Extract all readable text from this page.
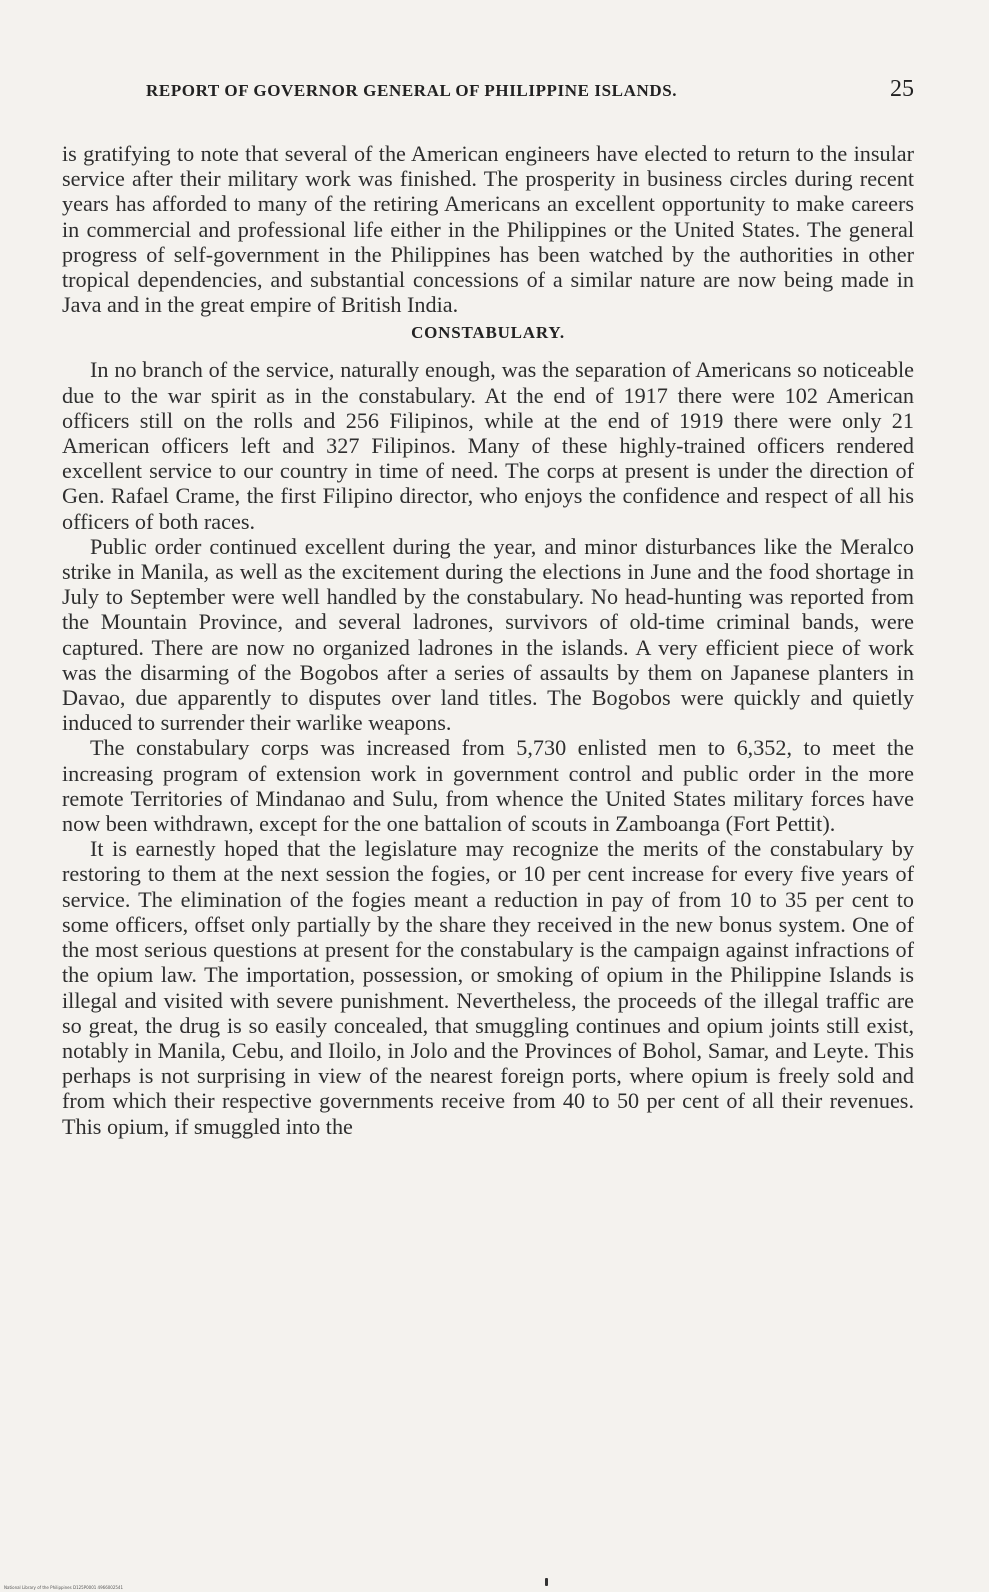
REPORT OF GOVERNOR GENERAL OF PHILIPPINE ISLANDS.	25

is gratifying to note that several of the American engineers have elected to return to the insular service after their military work was finished. The prosperity in business circles during recent years has afforded to many of the retiring Americans an excellent opportunity to make careers in commercial and professional life either in the Philippines or the United States. The general progress of self-government in the Philippines has been watched by the authorities in other tropical dependencies, and substantial concessions of a similar nature are now being made in Java and in the great empire of British India.

CONSTABULARY.

In no branch of the service, naturally enough, was the separation of Americans so noticeable due to the war spirit as in the constabulary. At the end of 1917 there were 102 American officers still on the rolls and 256 Filipinos, while at the end of 1919 there were only 21 American officers left and 327 Filipinos. Many of these highly-trained officers rendered excellent service to our country in time of need. The corps at present is under the direction of Gen. Rafael Crame, the first Filipino director, who enjoys the confidence and respect of all his officers of both races.

Public order continued excellent during the year, and minor disturbances like the Meralco strike in Manila, as well as the excitement during the elections in June and the food shortage in July to September were well handled by the constabulary. No head-hunting was reported from the Mountain Province, and several ladrones, survivors of old-time criminal bands, were captured. There are now no organized ladrones in the islands. A very efficient piece of work was the disarming of the Bogobos after a series of assaults by them on Japanese planters in Davao, due apparently to disputes over land titles. The Bogobos were quickly and quietly induced to surrender their warlike weapons.

The constabulary corps was increased from 5,730 enlisted men to 6,352, to meet the increasing program of extension work in government control and public order in the more remote Territories of Mindanao and Sulu, from whence the United States military forces have now been withdrawn, except for the one battalion of scouts in Zamboanga (Fort Pettit).

It is earnestly hoped that the legislature may recognize the merits of the constabulary by restoring to them at the next session the fogies, or 10 per cent increase for every five years of service. The elimination of the fogies meant a reduction in pay of from 10 to 35 per cent to some officers, offset only partially by the share they received in the new bonus system. One of the most serious questions at present for the constabulary is the campaign against infractions of the opium law. The importation, possession, or smoking of opium in the Philippine Islands is illegal and visited with severe punishment. Nevertheless, the proceeds of the illegal traffic are so great, the drug is so easily concealed, that smuggling continues and opium joints still exist, notably in Manila, Cebu, and Iloilo, in Jolo and the Provinces of Bohol, Samar, and Leyte. This perhaps is not surprising in view of the nearest foreign ports, where opium is freely sold and from which their respective governments receive from 40 to 50 per cent of all their revenues. This opium, if smuggled into the

National Library of the Philippines D125P0001 4966002541
